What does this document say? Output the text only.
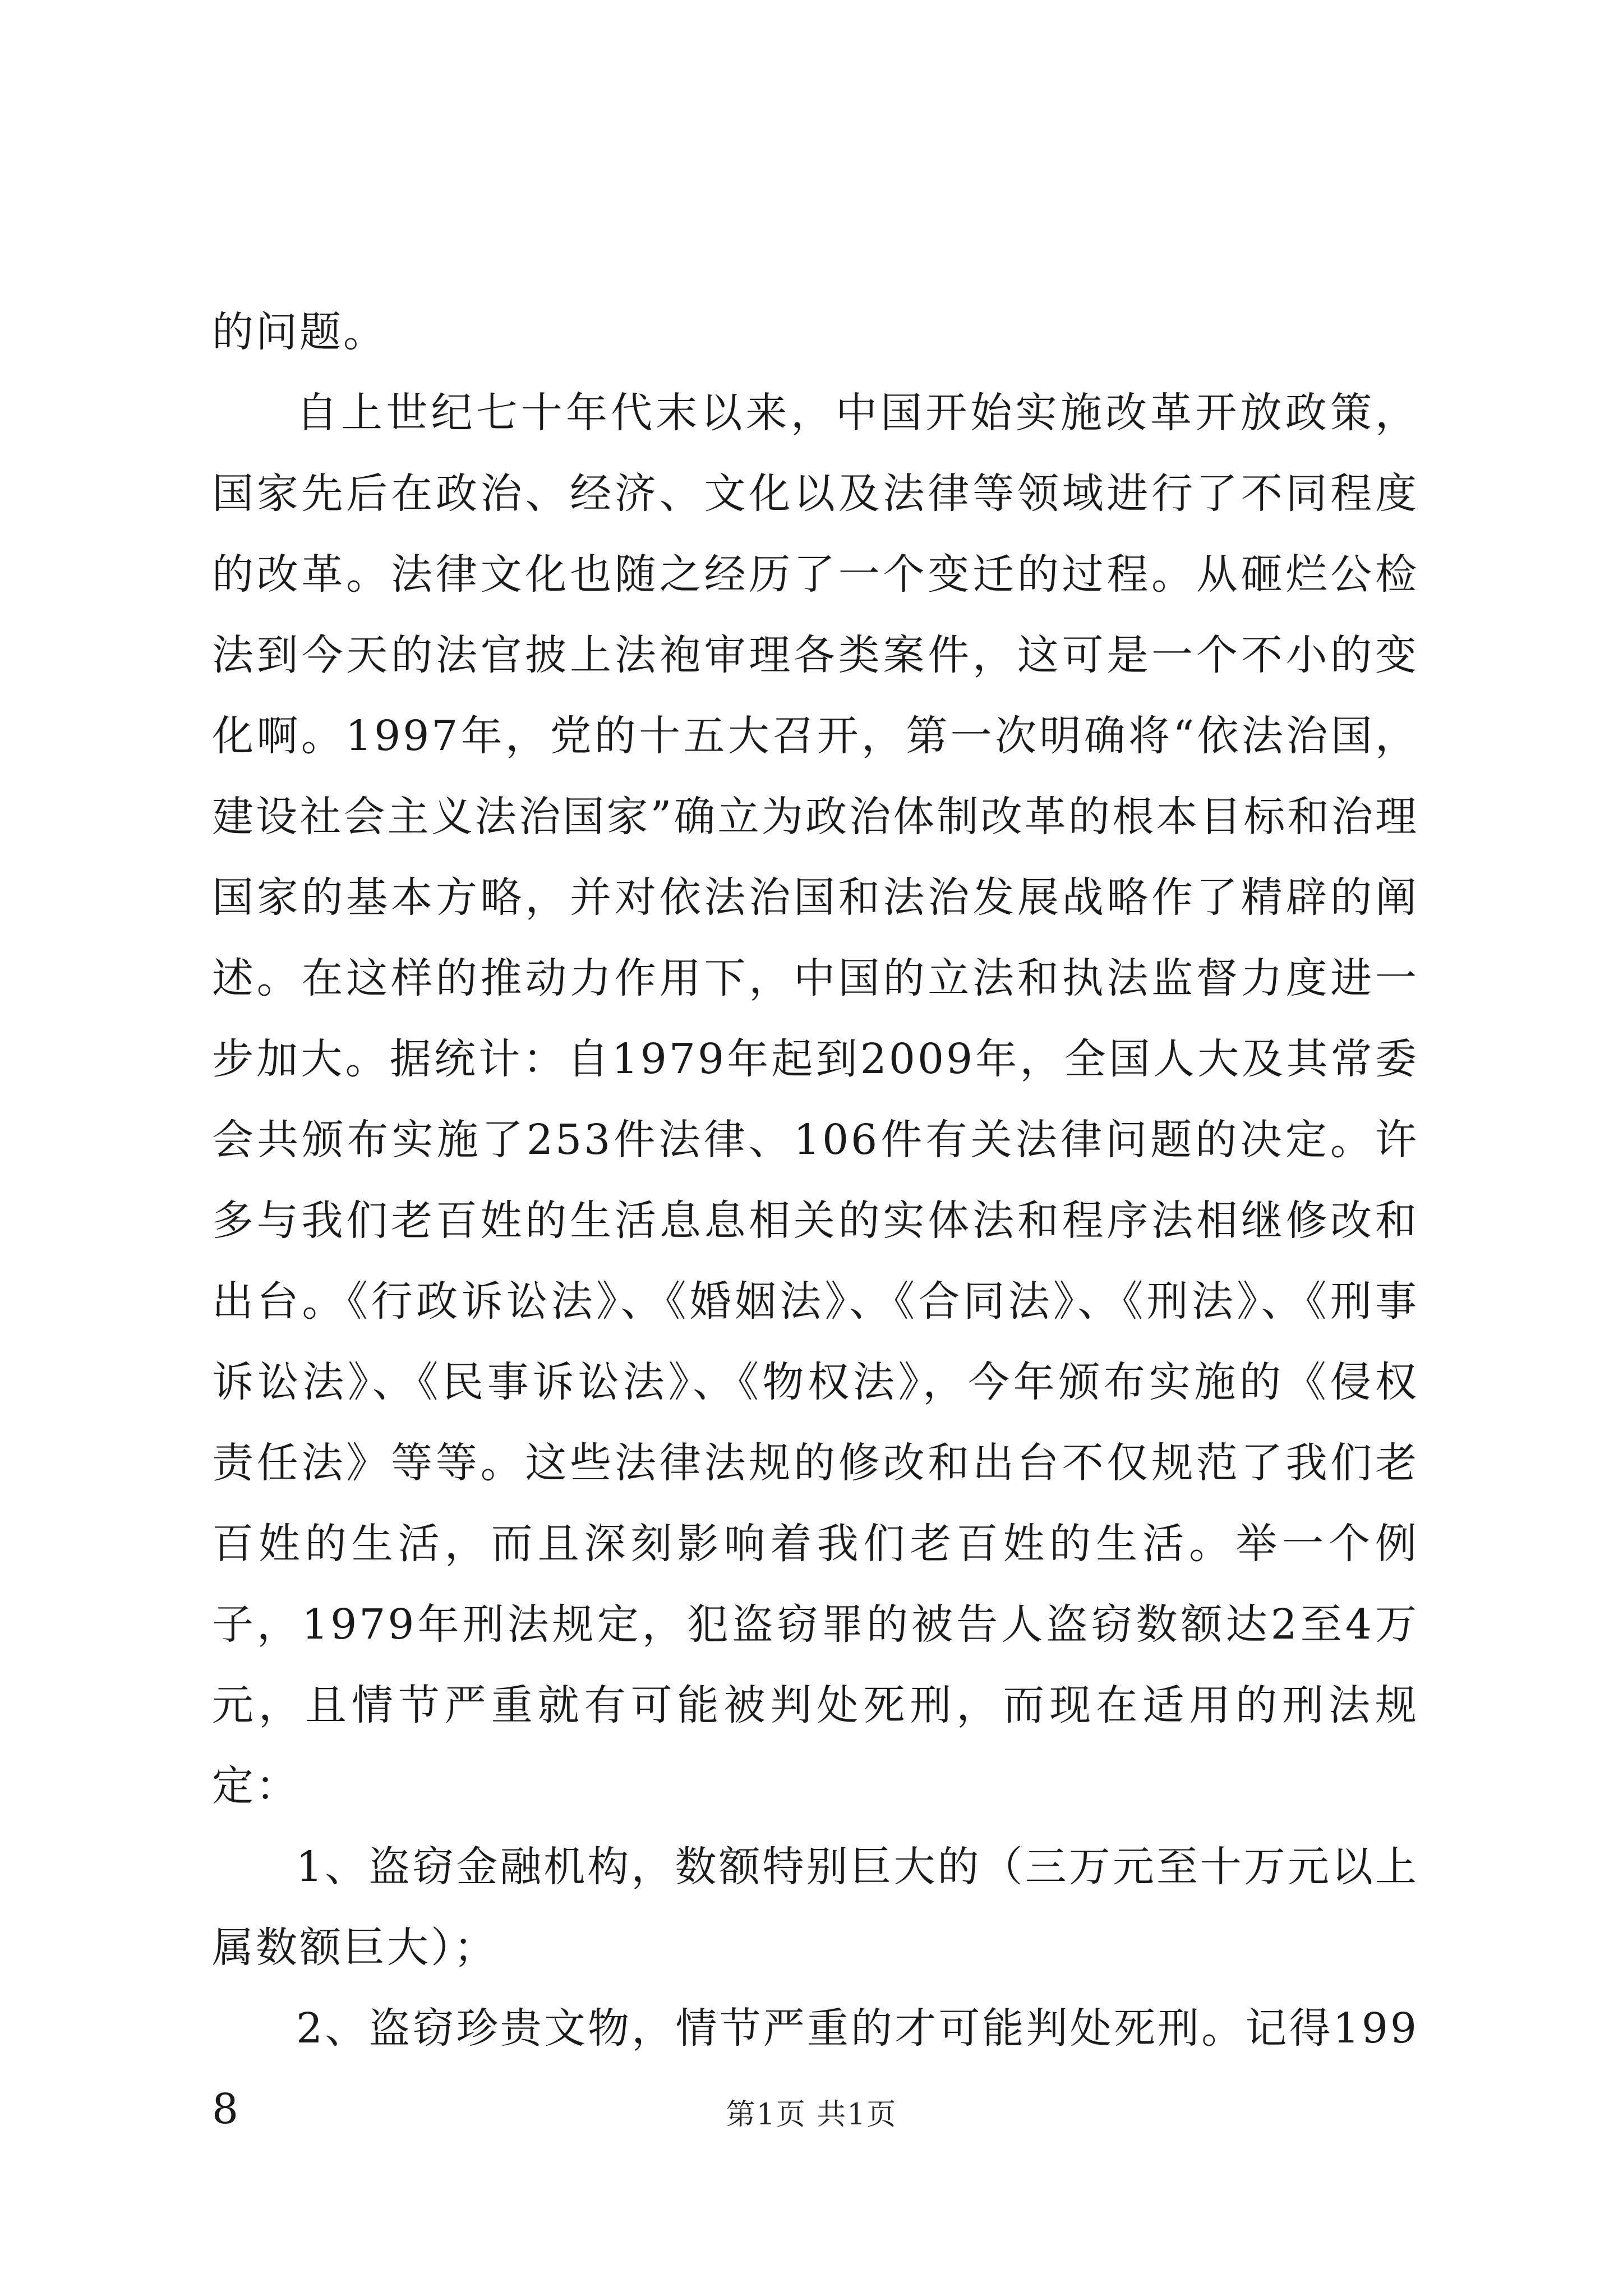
的问题。

自上世纪七十年代末以来，中国开始实施改革开放政策，国家先后在政治、经济、文化以及法律等领域进行了不同程度的改革。法律文化也随之经历了一个变迁的过程。从砸烂公检法到今天的法官披上法袍审理各类案件，这可是一个不小的变化啊。1997年，党的十五大召开，第一次明确将“依法治国，建设社会主义法治国家”确立为政治体制改革的根本目标和治理国家的基本方略，并对依法治国和法治发展战略作了精辟的阐述。在这样的推动力作用下，中国的立法和执法监督力度进一步加大。据统计：自1979年起到2009年，全国人大及其常委会共颁布实施了253件法律、106件有关法律问题的决定。许多与我们老百姓的生活息息相关的实体法和程序法相继修改和出台。《行政诉讼法》、《婚姻法》、《合同法》、《刑法》、《刑事诉讼法》、《民事诉讼法》、《物权法》，今年颁布实施的《侵权责任法》等等。这些法律法规的修改和出台不仅规范了我们老百姓的生活，而且深刻影响着我们老百姓的生活。举一个例子，1979年刑法规定，犯盗窃罪的被告人盗窃数额达2至4万元，且情节严重就有可能被判处死刑，而现在适用的刑法规定：

1、盗窃金融机构，数额特别巨大的（三万元至十万元以上属数额巨大）；

2、盗窃珍贵文物，情节严重的才可能判处死刑。记得1998	第1页 共1页
